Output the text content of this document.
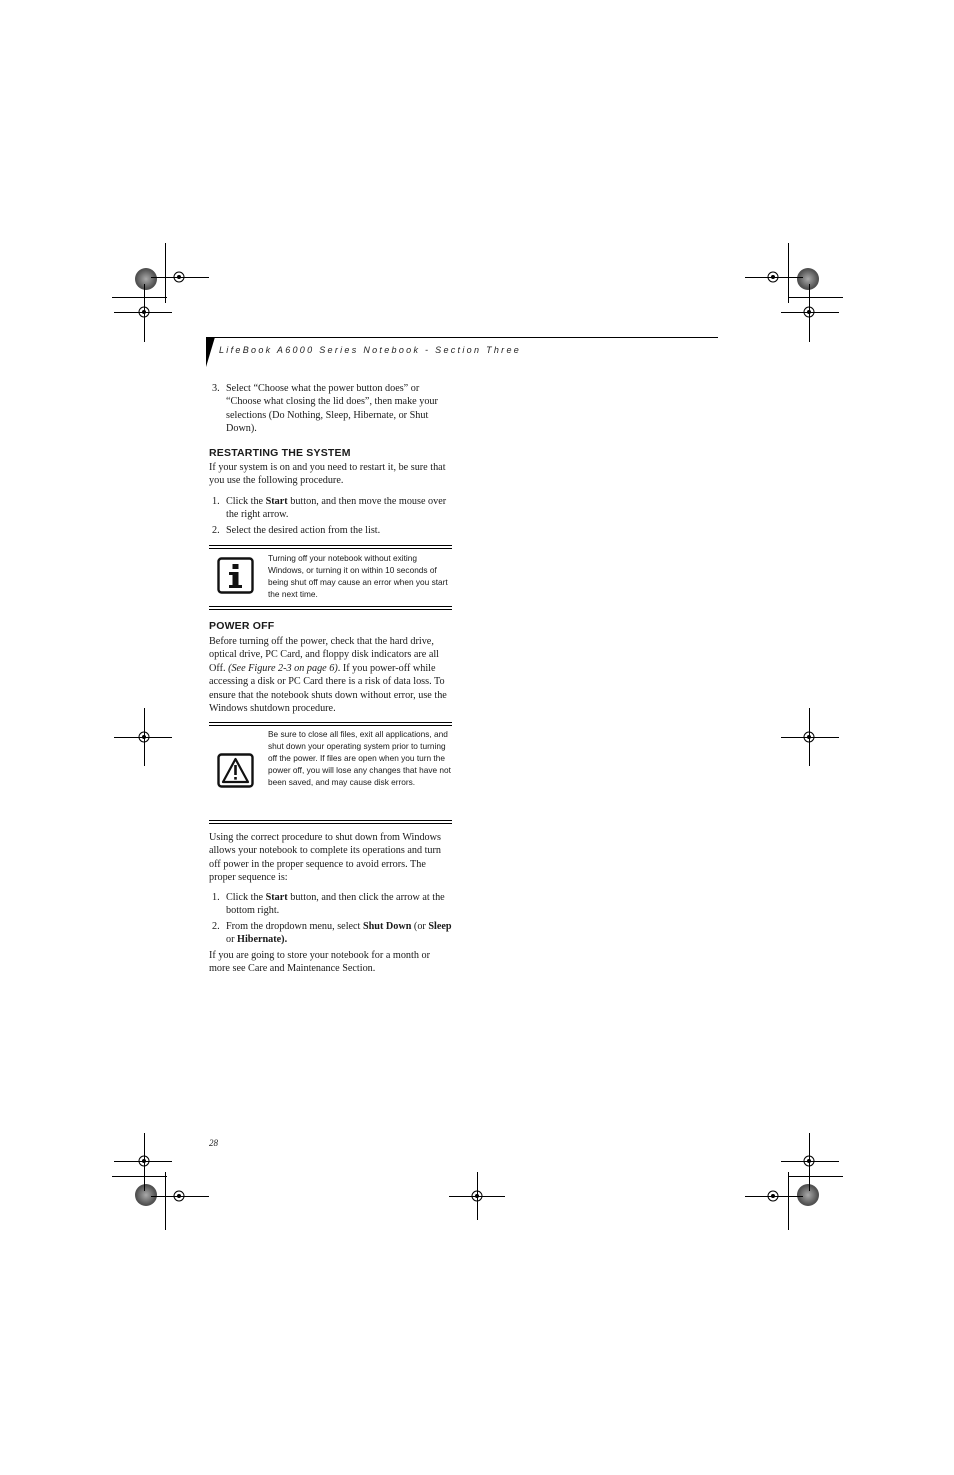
LifeBook A6000 Series Notebook - Section Three
3. Select “Choose what the power button does” or “Choose what closing the lid does”, then make your selections (Do Nothing, Sleep, Hibernate, or Shut Down).
RESTARTING THE SYSTEM
If your system is on and you need to restart it, be sure that you use the following procedure.
1. Click the Start button, and then move the mouse over the right arrow.
2. Select the desired action from the list.
Turning off your notebook without exiting Windows, or turning it on within 10 seconds of being shut off may cause an error when you start the next time.
POWER OFF
Before turning off the power, check that the hard drive, optical drive, PC Card, and floppy disk indicators are all Off. (See Figure 2-3 on page 6). If you power-off while accessing a disk or PC Card there is a risk of data loss. To ensure that the notebook shuts down without error, use the Windows shutdown procedure.
Be sure to close all files, exit all applications, and shut down your operating system prior to turning off the power. If files are open when you turn the power off, you will lose any changes that have not been saved, and may cause disk errors.
Using the correct procedure to shut down from Windows allows your notebook to complete its operations and turn off power in the proper sequence to avoid errors. The proper sequence is:
1. Click the Start button, and then click the arrow at the bottom right.
2. From the dropdown menu, select Shut Down (or Sleep or Hibernate).
If you are going to store your notebook for a month or more see Care and Maintenance Section.
28
